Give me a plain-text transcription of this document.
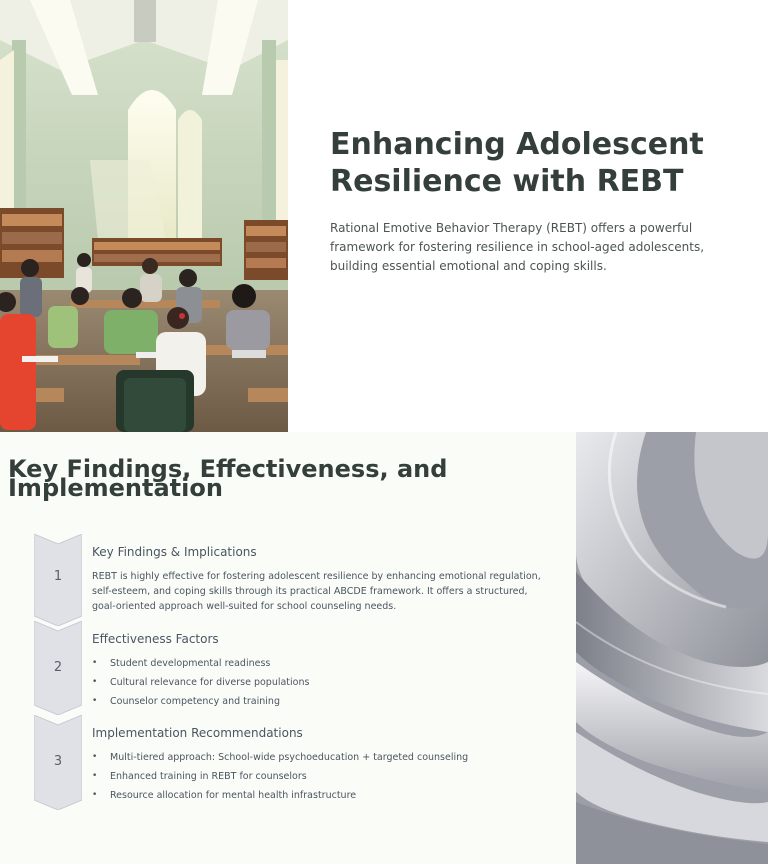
Enhancing Adolescent Resilience with REBT

Rational Emotive Behavior Therapy (REBT) offers a powerful framework for fostering resilience in school-aged adolescents, building essential emotional and coping skills.

Key Findings, Effectiveness, and Implementation
1
Key Findings & Implications

REBT is highly effective for fostering adolescent resilience by enhancing emotional regulation, self-esteem, and coping skills through its practical ABCDE framework. It offers a structured, goal-oriented approach well-suited for school counseling needs.

2
Effectiveness Factors
• Student developmental readiness
• Cultural relevance for diverse populations
• Counselor competency and training
3
Implementation Recommendations
• Multi-tiered approach: School-wide psychoeducation + targeted counseling
• Enhanced training in REBT for counselors
• Resource allocation for mental health infrastructure
